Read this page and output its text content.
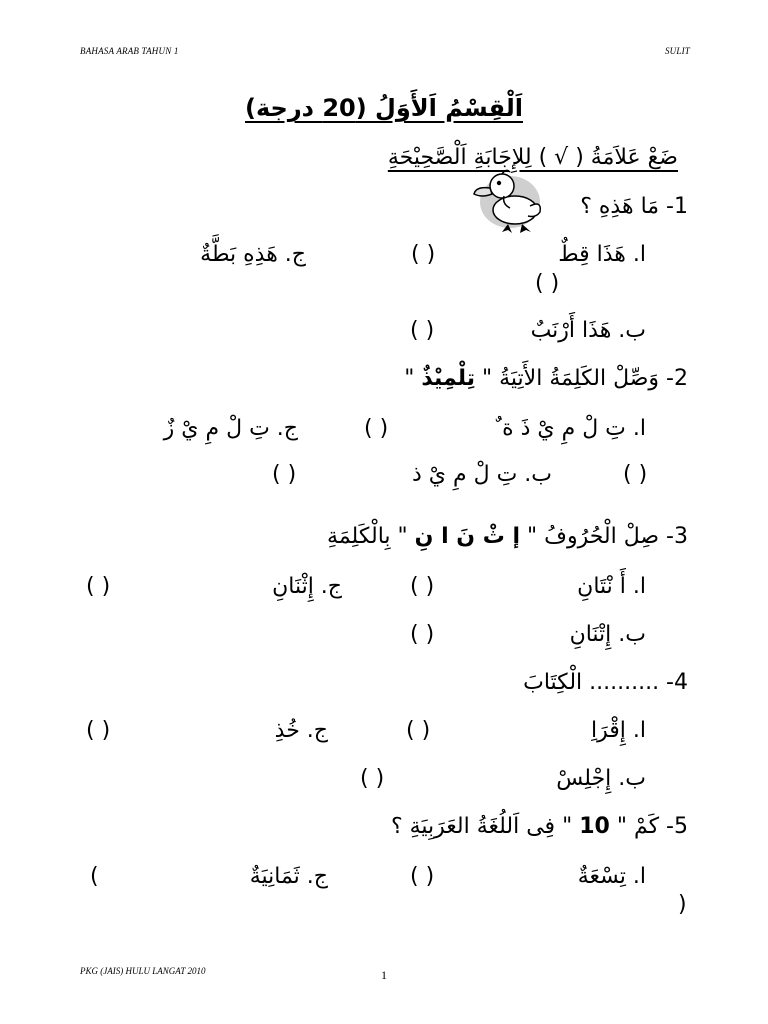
BAHASA ARAB TAHUN 1	SULIT
اَلْقِسْمُ اَلأَوَلُ (20 درجة)
ضَعْ عَلاَمَةُ ( √ ) لِلإِجَابَةِ اَلْصَّحِيْحَةِ
1- مَا هَذِهِ ؟
ا. هَذَا قِطٌ
( )
ج. هَذِهِ بَطَّةٌ
( )
ب. هَذَا أَرْنَبٌ
( )
2- وَصِّلْ الكَلِمَةُ الأَتِيَةُ " تِلْمِيْذٌ "
ا. تِ لْ مِ يْ ذَ ة ٌ
( )
ج. تِ لْ مِ يْ زٌ
( )
ب. تِ لْ مِ يْ ذ
( )
3- صِلْ الْحُرُوفُ " إ ثْ نَ ا نِ " بِالْكَلِمَةِ
ا. أَ نْتَانِ
( )
ج. إِثْنَانِ
( )
ب. إِتْنَانِ
( )
4- .......... الْكِتَابَ
ا. إِقْرَاِ
( )
ج. خُذِ
( )
ب. إِجْلِسْ
( )
5- كَمْ " 10 " فِى اَللُغَةُ العَرَبِيَةِ ؟
ا. تِسْعَةٌ
( )
ج. ثَمَانِيَةٌ
(
)
PKG (JAIS) HULU LANGAT 2010	1
